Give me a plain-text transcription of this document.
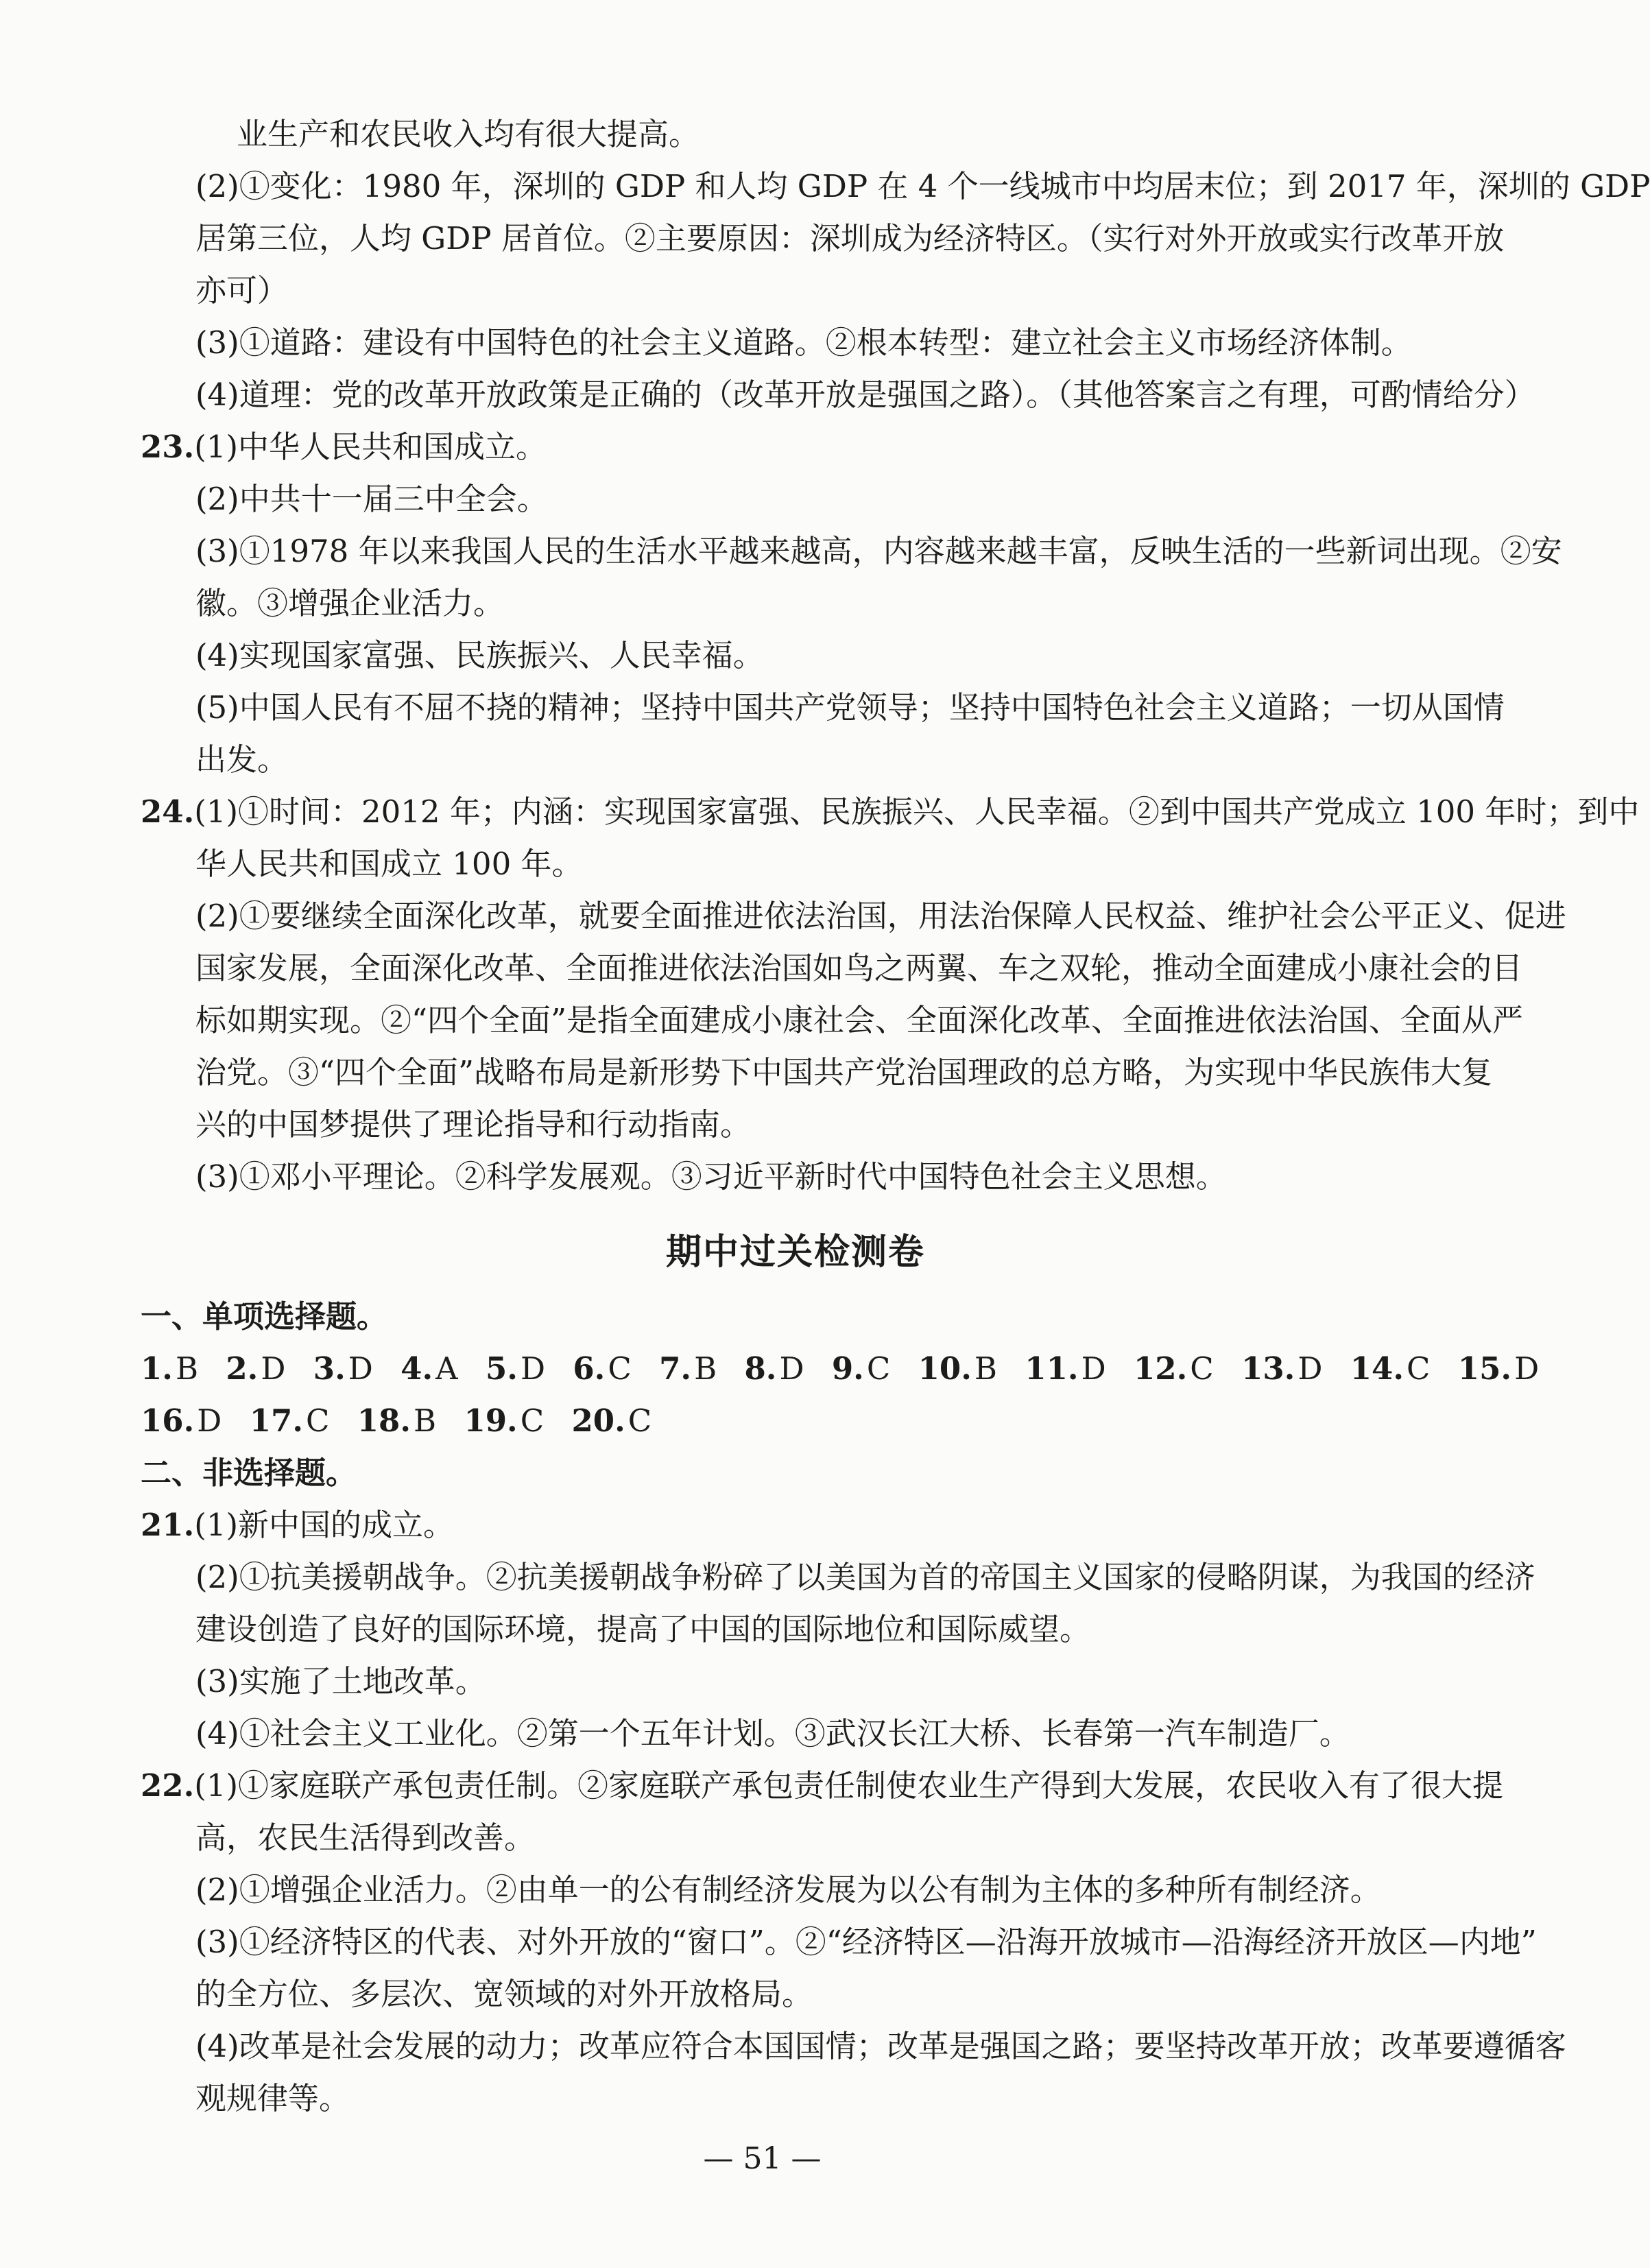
业生产和农民收入均有很大提高。
(2)①变化：1980 年，深圳的 GDP 和人均 GDP 在 4 个一线城市中均居末位；到 2017 年，深圳的 GDP
居第三位，人均 GDP 居首位。②主要原因：深圳成为经济特区。（实行对外开放或实行改革开放
亦可）
(3)①道路：建设有中国特色的社会主义道路。②根本转型：建立社会主义市场经济体制。
(4)道理：党的改革开放政策是正确的（改革开放是强国之路）。（其他答案言之有理，可酌情给分）
23.(1)中华人民共和国成立。
(2)中共十一届三中全会。
(3)①1978 年以来我国人民的生活水平越来越高，内容越来越丰富，反映生活的一些新词出现。②安
徽。③增强企业活力。
(4)实现国家富强、民族振兴、人民幸福。
(5)中国人民有不屈不挠的精神；坚持中国共产党领导；坚持中国特色社会主义道路；一切从国情
出发。
24.(1)①时间：2012 年；内涵：实现国家富强、民族振兴、人民幸福。②到中国共产党成立 100 年时；到中
华人民共和国成立 100 年。
(2)①要继续全面深化改革，就要全面推进依法治国，用法治保障人民权益、维护社会公平正义、促进
国家发展，全面深化改革、全面推进依法治国如鸟之两翼、车之双轮，推动全面建成小康社会的目
标如期实现。②“四个全面”是指全面建成小康社会、全面深化改革、全面推进依法治国、全面从严
治党。③“四个全面”战略布局是新形势下中国共产党治国理政的总方略，为实现中华民族伟大复
兴的中国梦提供了理论指导和行动指南。
(3)①邓小平理论。②科学发展观。③习近平新时代中国特色社会主义思想。
期中过关检测卷
一、单项选择题。
1.B 2.D 3.D 4.A 5.D 6.C 7.B 8.D 9.C 10.B 11.D 12.C 13.D 14.C 15.D
16.D 17.C 18.B 19.C 20.C
二、非选择题。
21.(1)新中国的成立。
(2)①抗美援朝战争。②抗美援朝战争粉碎了以美国为首的帝国主义国家的侵略阴谋，为我国的经济
建设创造了良好的国际环境，提高了中国的国际地位和国际威望。
(3)实施了土地改革。
(4)①社会主义工业化。②第一个五年计划。③武汉长江大桥、长春第一汽车制造厂。
22.(1)①家庭联产承包责任制。②家庭联产承包责任制使农业生产得到大发展，农民收入有了很大提
高，农民生活得到改善。
(2)①增强企业活力。②由单一的公有制经济发展为以公有制为主体的多种所有制经济。
(3)①经济特区的代表、对外开放的“窗口”。②“经济特区—沿海开放城市—沿海经济开放区—内地”
的全方位、多层次、宽领域的对外开放格局。
(4)改革是社会发展的动力；改革应符合本国国情；改革是强国之路；要坚持改革开放；改革要遵循客
观规律等。
— 51 —
